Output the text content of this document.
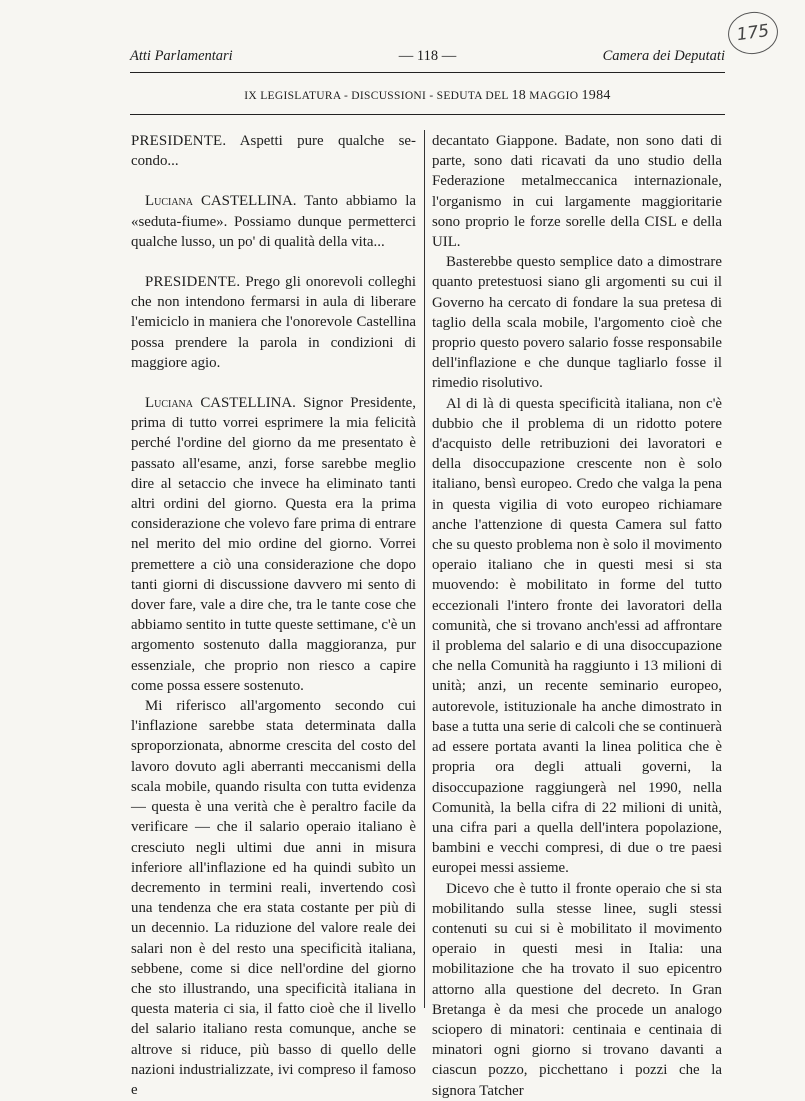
175
Atti Parlamentari	— 118 —	Camera dei Deputati
IX LEGISLATURA - DISCUSSIONI - SEDUTA DEL 18 MAGGIO 1984

PRESIDENTE. Aspetti pure qualche secondo...

Luciana CASTELLINA. Tanto abbiamo la «seduta-fiume». Possiamo dunque permetterci qualche lusso, un po' di qualità della vita...

PRESIDENTE. Prego gli onorevoli colleghi che non intendono fermarsi in aula di liberare l'emiciclo in maniera che l'onorevole Castellina possa prendere la parola in condizioni di maggiore agio.

Luciana CASTELLINA. Signor Presidente, prima di tutto vorrei esprimere la mia felicità perché l'ordine del giorno da me presentato è passato all'esame, anzi, forse sarebbe meglio dire al setaccio che invece ha eliminato tanti altri ordini del giorno. Questa era la prima considerazione che volevo fare prima di entrare nel merito del mio ordine del giorno. Vorrei premettere a ciò una considerazione che dopo tanti giorni di discussione davvero mi sento di dover fare, vale a dire che, tra le tante cose che abbiamo sentito in tutte queste settimane, c'è un argomento sostenuto dalla maggioranza, pur essenziale, che proprio non riesco a capire come possa essere sostenuto.

Mi riferisco all'argomento secondo cui l'inflazione sarebbe stata determinata dalla sproporzionata, abnorme crescita del costo del lavoro dovuto agli aberranti meccanismi della scala mobile, quando risulta con tutta evidenza — questa è una verità che è peraltro facile da verificare — che il salario operaio italiano è cresciuto negli ultimi due anni in misura inferiore all'inflazione ed ha quindi subìto un decremento in termini reali, invertendo così una tendenza che era stata costante per più di un decennio. La riduzione del valore reale dei salari non è del resto una specificità italiana, sebbene, come si dice nell'ordine del giorno che sto illustrando, una specificità italiana in questa materia ci sia, il fatto cioè che il livello del salario italiano resta comunque, anche se altrove si riduce, più basso di quello delle nazioni industrializzate, ivi compreso il famoso e

decantato Giappone. Badate, non sono dati di parte, sono dati ricavati da uno studio della Federazione metalmeccanica internazionale, l'organismo in cui largamente maggioritarie sono proprio le forze sorelle della CISL e della UIL.

Basterebbe questo semplice dato a dimostrare quanto pretestuosi siano gli argomenti su cui il Governo ha cercato di fondare la sua pretesa di taglio della scala mobile, l'argomento cioè che proprio questo povero salario fosse responsabile dell'inflazione e che dunque tagliarlo fosse il rimedio risolutivo.

Al di là di questa specificità italiana, non c'è dubbio che il problema di un ridotto potere d'acquisto delle retribuzioni dei lavoratori e della disoccupazione crescente non è solo italiano, bensì europeo. Credo che valga la pena in questa vigilia di voto europeo richiamare anche l'attenzione di questa Camera sul fatto che su questo problema non è solo il movimento operaio italiano che in questi mesi si sta muovendo: è mobilitato in forme del tutto eccezionali l'intero fronte dei lavoratori della comunità, che si trovano anch'essi ad affrontare il problema del salario e di una disoccupazione che nella Comunità ha raggiunto i 13 milioni di unità; anzi, un recente seminario europeo, autorevole, istituzionale ha anche dimostrato in base a tutta una serie di calcoli che se continuerà ad essere portata avanti la linea politica che è propria ora degli attuali governi, la disoccupazione raggiungerà nel 1990, nella Comunità, la bella cifra di 22 milioni di unità, una cifra pari a quella dell'intera popolazione, bambini e vecchi compresi, di due o tre paesi europei messi assieme.

Dicevo che è tutto il fronte operaio che si sta mobilitando sulla stesse linee, sugli stessi contenuti su cui si è mobilitato il movimento operaio in questi mesi in Italia: una mobilitazione che ha trovato il suo epicentro attorno alla questione del decreto. In Gran Bretanga è da mesi che procede un analogo sciopero di minatori: centinaia e centinaia di minatori ogni giorno si trovano davanti a ciascun pozzo, picchettano i pozzi che la signora Tatcher
